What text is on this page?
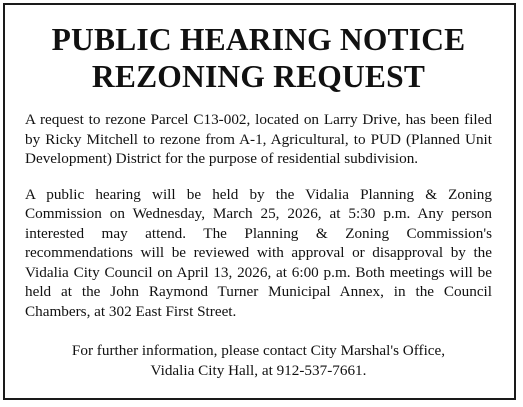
PUBLIC HEARING NOTICE
REZONING REQUEST

A request to rezone Parcel C13-002, located on Larry Drive, has been filed by Ricky Mitchell to rezone from A-1, Agricultural, to PUD (Planned Unit Development) District for the purpose of residential subdivision.

A public hearing will be held by the Vidalia Planning & Zoning Commission on Wednesday, March 25, 2026, at 5:30 p.m. Any person interested may attend. The Planning & Zoning Commission's recommendations will be reviewed with approval or disapproval by the Vidalia City Council on April 13, 2026, at 6:00 p.m. Both meetings will be held at the John Raymond Turner Municipal Annex, in the Council Chambers, at 302 East First Street.

For further information, please contact City Marshal's Office,
Vidalia City Hall, at 912-537-7661.
